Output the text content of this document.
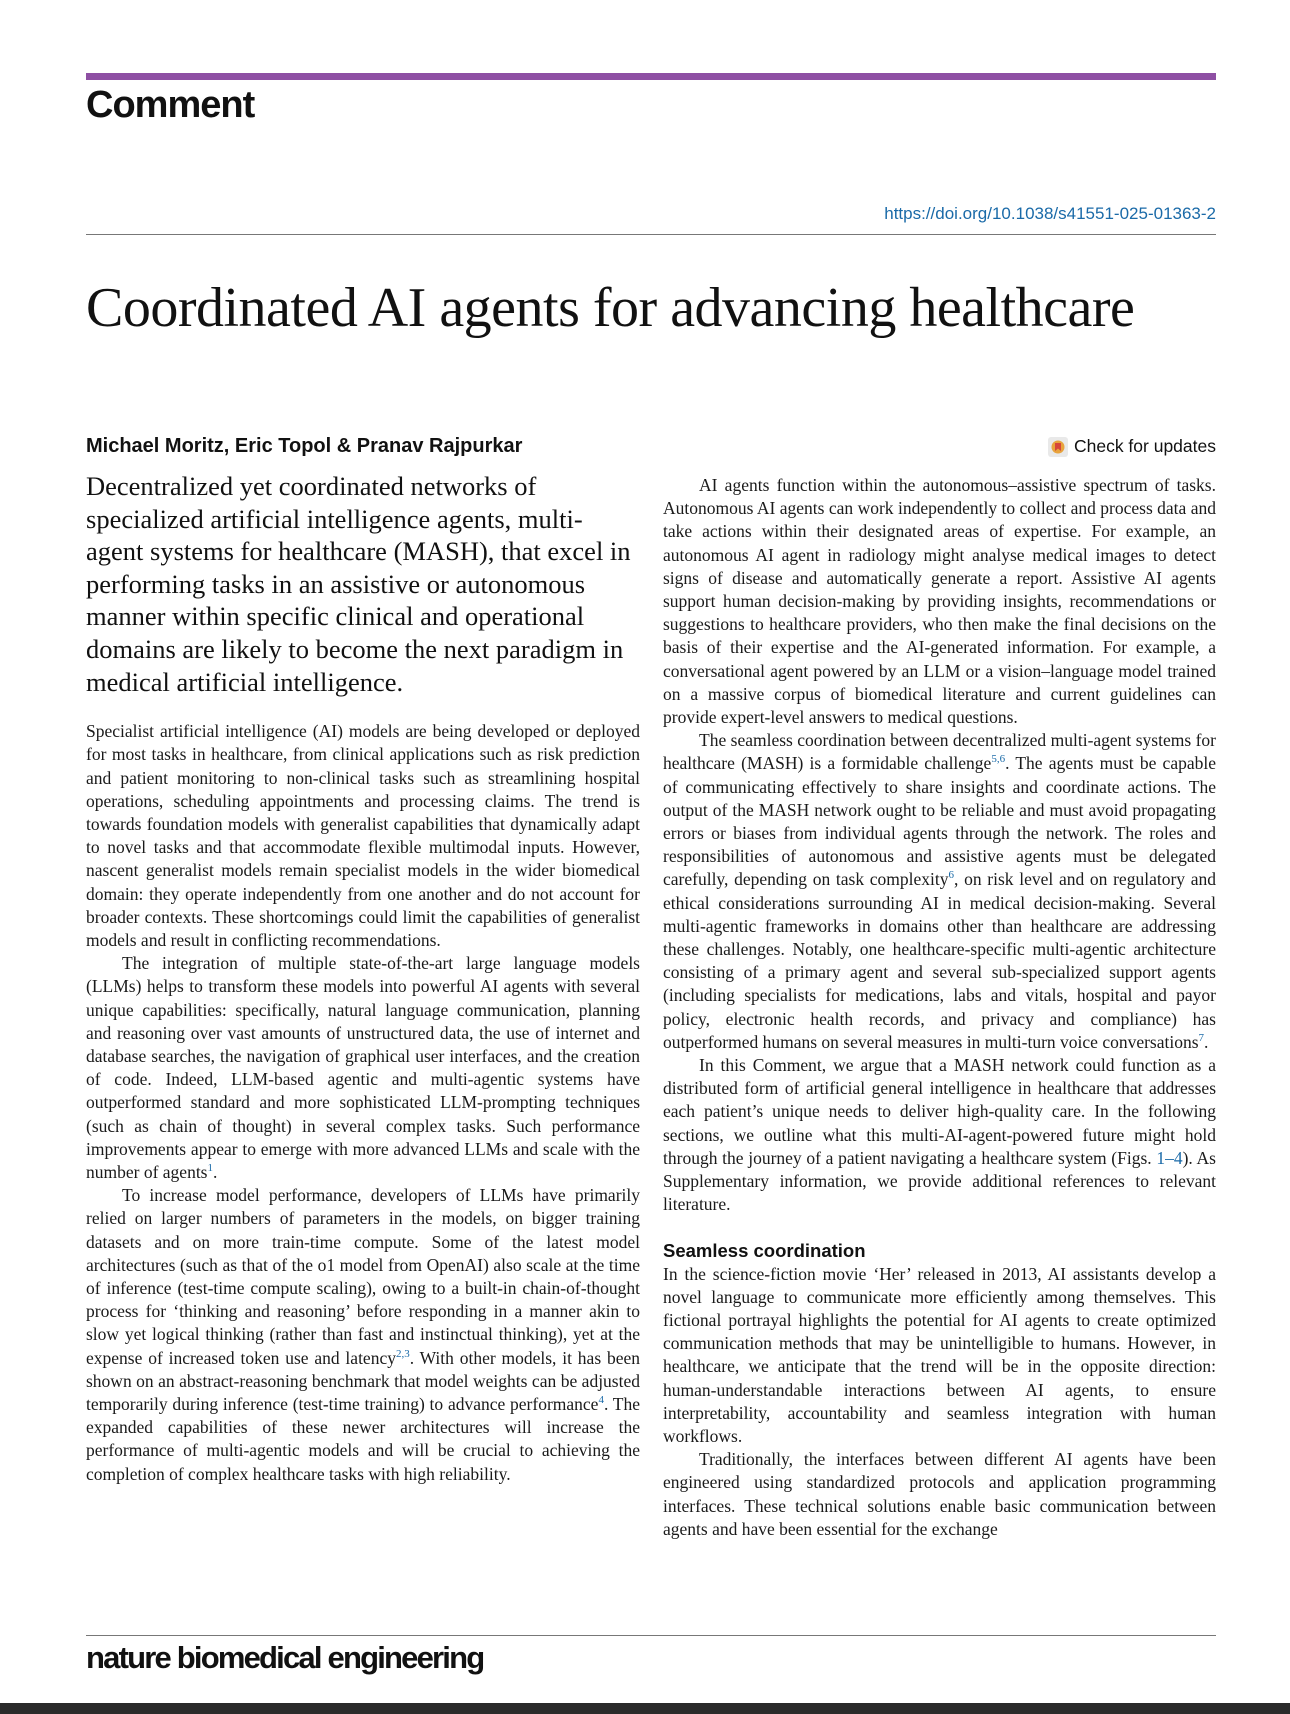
Comment
https://doi.org/10.1038/s41551-025-01363-2
Coordinated AI agents for advancing healthcare
Michael Moritz, Eric Topol & Pranav Rajpurkar	Check for updates
Decentralized yet coordinated networks of specialized artificial intelligence agents, multi-agent systems for healthcare (MASH), that excel in performing tasks in an assistive or autonomous manner within specific clinical and operational domains are likely to become the next paradigm in medical artificial intelligence.

Specialist artificial intelligence (AI) models are being developed or deployed for most tasks in healthcare, from clinical applications such as risk prediction and patient monitoring to non-clinical tasks such as streamlining hospital operations, scheduling appointments and processing claims. The trend is towards foundation models with generalist capabilities that dynamically adapt to novel tasks and that accommodate flexible multimodal inputs. However, nascent generalist models remain specialist models in the wider biomedical domain: they operate independently from one another and do not account for broader contexts. These shortcomings could limit the capabilities of generalist models and result in conflicting recommendations.

The integration of multiple state-of-the-art large language models (LLMs) helps to transform these models into powerful AI agents with several unique capabilities: specifically, natural language communication, planning and reasoning over vast amounts of unstructured data, the use of internet and database searches, the navigation of graphical user interfaces, and the creation of code. Indeed, LLM-based agentic and multi-agentic systems have outperformed standard and more sophisticated LLM-prompting techniques (such as chain of thought) in several complex tasks. Such performance improvements appear to emerge with more advanced LLMs and scale with the number of agents$^1$.

To increase model performance, developers of LLMs have primarily relied on larger numbers of parameters in the models, on bigger training datasets and on more train-time compute. Some of the latest model architectures (such as that of the o1 model from OpenAI) also scale at the time of inference (test-time compute scaling), owing to a built-in chain-of-thought process for ‘thinking and reasoning’ before responding in a manner akin to slow yet logical thinking (rather than fast and instinctual thinking), yet at the expense of increased token use and latency$^{2,3}$. With other models, it has been shown on an abstract-reasoning benchmark that model weights can be adjusted temporarily during inference (test-time training) to advance performance$^4$. The expanded capabilities of these newer architectures will increase the performance of multi-agentic models and will be crucial to achieving the completion of complex healthcare tasks with high reliability.

AI agents function within the autonomous–assistive spectrum of tasks. Autonomous AI agents can work independently to collect and process data and take actions within their designated areas of expertise. For example, an autonomous AI agent in radiology might analyse medical images to detect signs of disease and automatically generate a report. Assistive AI agents support human decision-making by providing insights, recommendations or suggestions to healthcare providers, who then make the final decisions on the basis of their expertise and the AI-generated information. For example, a conversational agent powered by an LLM or a vision–language model trained on a massive corpus of biomedical literature and current guidelines can provide expert-level answers to medical questions.

The seamless coordination between decentralized multi-agent systems for healthcare (MASH) is a formidable challenge$^{5,6}$. The agents must be capable of communicating effectively to share insights and coordinate actions. The output of the MASH network ought to be reliable and must avoid propagating errors or biases from individual agents through the network. The roles and responsibilities of autonomous and assistive agents must be delegated carefully, depending on task complexity$^6$, on risk level and on regulatory and ethical considerations surrounding AI in medical decision-making. Several multi-agentic frameworks in domains other than healthcare are addressing these challenges. Notably, one healthcare-specific multi-agentic architecture consisting of a primary agent and several sub-specialized support agents (including specialists for medications, labs and vitals, hospital and payor policy, electronic health records, and privacy and compliance) has outperformed humans on several measures in multi-turn voice conversations$^7$.

In this Comment, we argue that a MASH network could function as a distributed form of artificial general intelligence in healthcare that addresses each patient’s unique needs to deliver high-quality care. In the following sections, we outline what this multi-AI-agent-powered future might hold through the journey of a patient navigating a healthcare system (Figs. 1–4). As Supplementary information, we provide additional references to relevant literature.

Seamless coordination

In the science-fiction movie ‘Her’ released in 2013, AI assistants develop a novel language to communicate more efficiently among themselves. This fictional portrayal highlights the potential for AI agents to create optimized communication methods that may be unintelligible to humans. However, in healthcare, we anticipate that the trend will be in the opposite direction: human-understandable interactions between AI agents, to ensure interpretability, accountability and seamless integration with human workflows.

Traditionally, the interfaces between different AI agents have been engineered using standardized protocols and application programming interfaces. These technical solutions enable basic communication between agents and have been essential for the exchange

nature biomedical engineering
